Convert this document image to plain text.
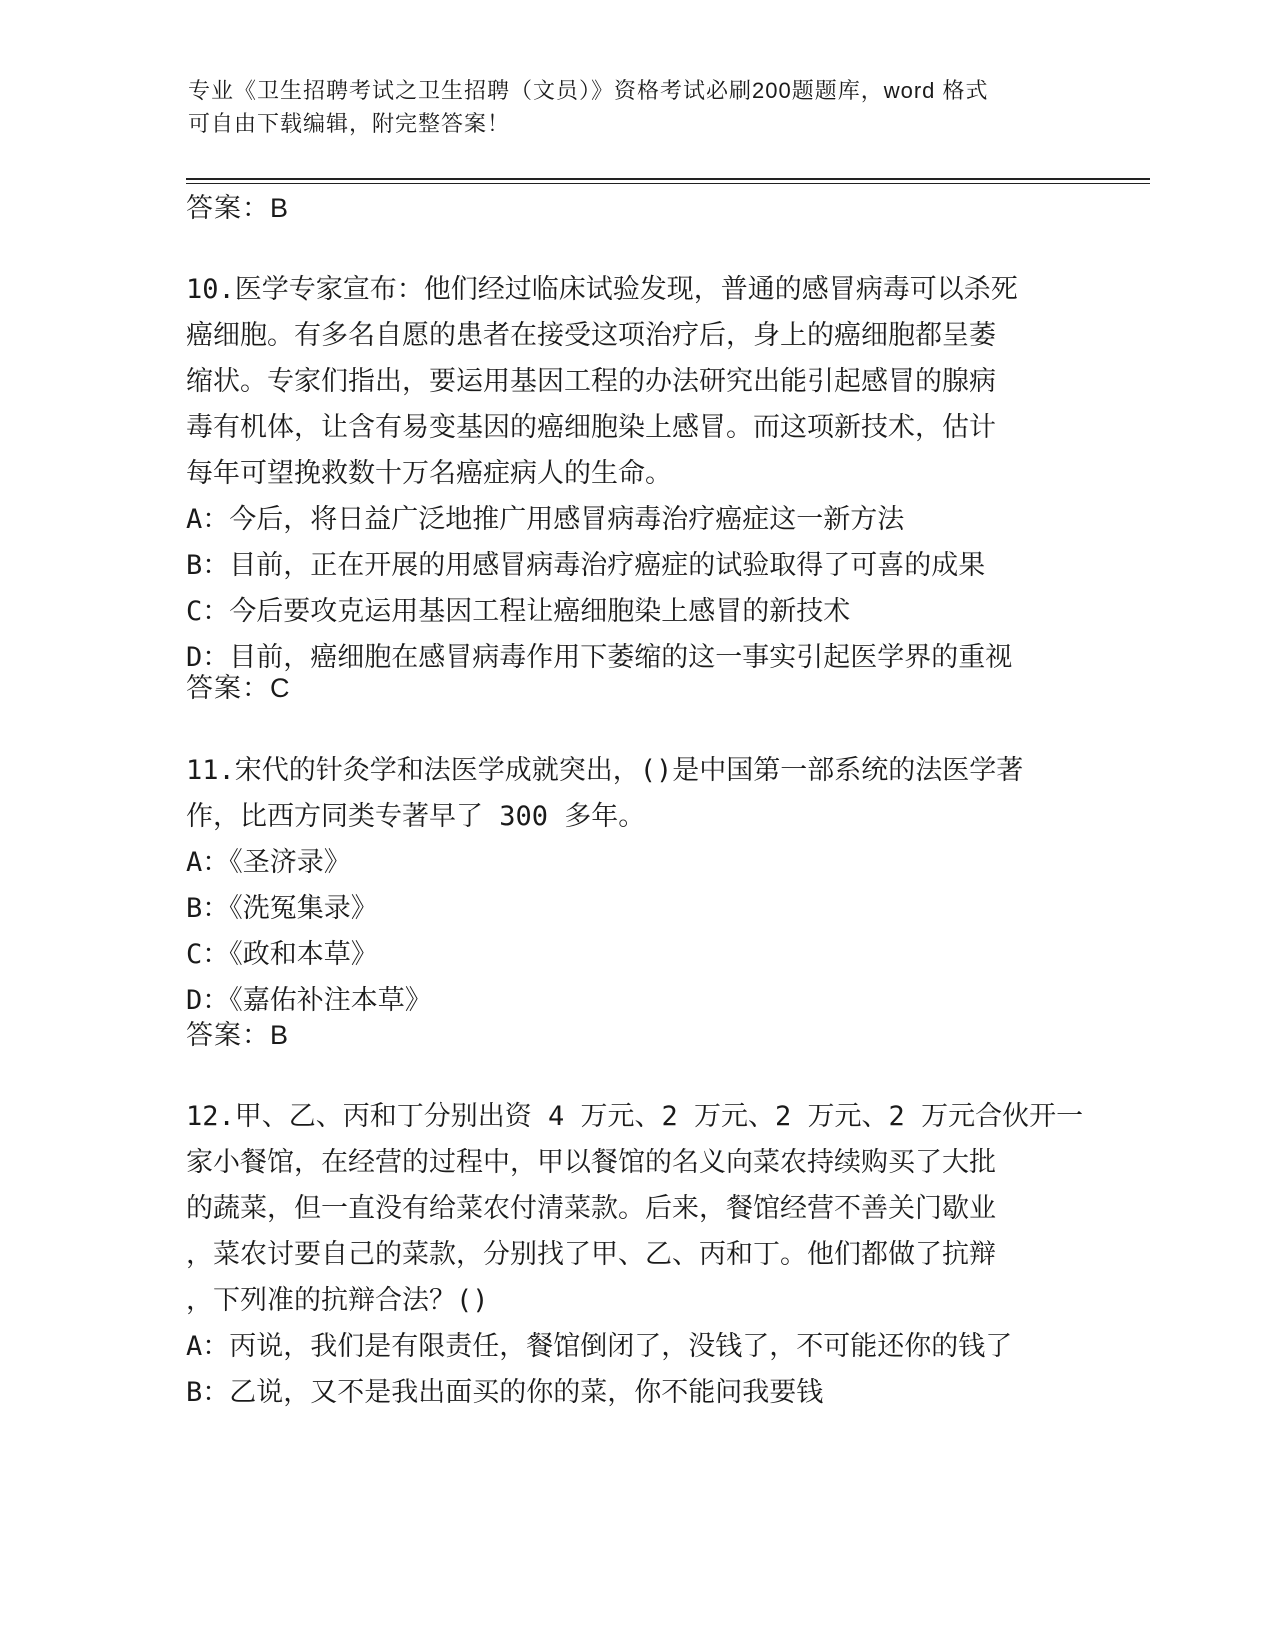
专业《卫生招聘考试之卫生招聘（文员）》资格考试必刷200题题库，word 格式
可自由下载编辑，附完整答案！
答案：B
10.医学专家宣布：他们经过临床试验发现，普通的感冒病毒可以杀死
癌细胞。有多名自愿的患者在接受这项治疗后，身上的癌细胞都呈萎
缩状。专家们指出，要运用基因工程的办法研究出能引起感冒的腺病
毒有机体，让含有易变基因的癌细胞染上感冒。而这项新技术，估计
每年可望挽救数十万名癌症病人的生命。
A：今后，将日益广泛地推广用感冒病毒治疗癌症这一新方法
B：目前，正在开展的用感冒病毒治疗癌症的试验取得了可喜的成果
C：今后要攻克运用基因工程让癌细胞染上感冒的新技术
D：目前，癌细胞在感冒病毒作用下萎缩的这一事实引起医学界的重视
答案：C
11.宋代的针灸学和法医学成就突出，()是中国第一部系统的法医学著
作，比西方同类专著早了 300 多年。
A：《圣济录》
B：《洗冤集录》
C：《政和本草》
D：《嘉佑补注本草》
答案：B
12.甲、乙、丙和丁分别出资 4 万元、2 万元、2 万元、2 万元合伙开一
家小餐馆，在经营的过程中，甲以餐馆的名义向菜农持续购买了大批
的蔬菜，但一直没有给菜农付清菜款。后来，餐馆经营不善关门歇业
，菜农讨要自己的菜款，分别找了甲、乙、丙和丁。他们都做了抗辩
，下列准的抗辩合法？()
A：丙说，我们是有限责任，餐馆倒闭了，没钱了，不可能还你的钱了
B：乙说，又不是我出面买的你的菜，你不能问我要钱
